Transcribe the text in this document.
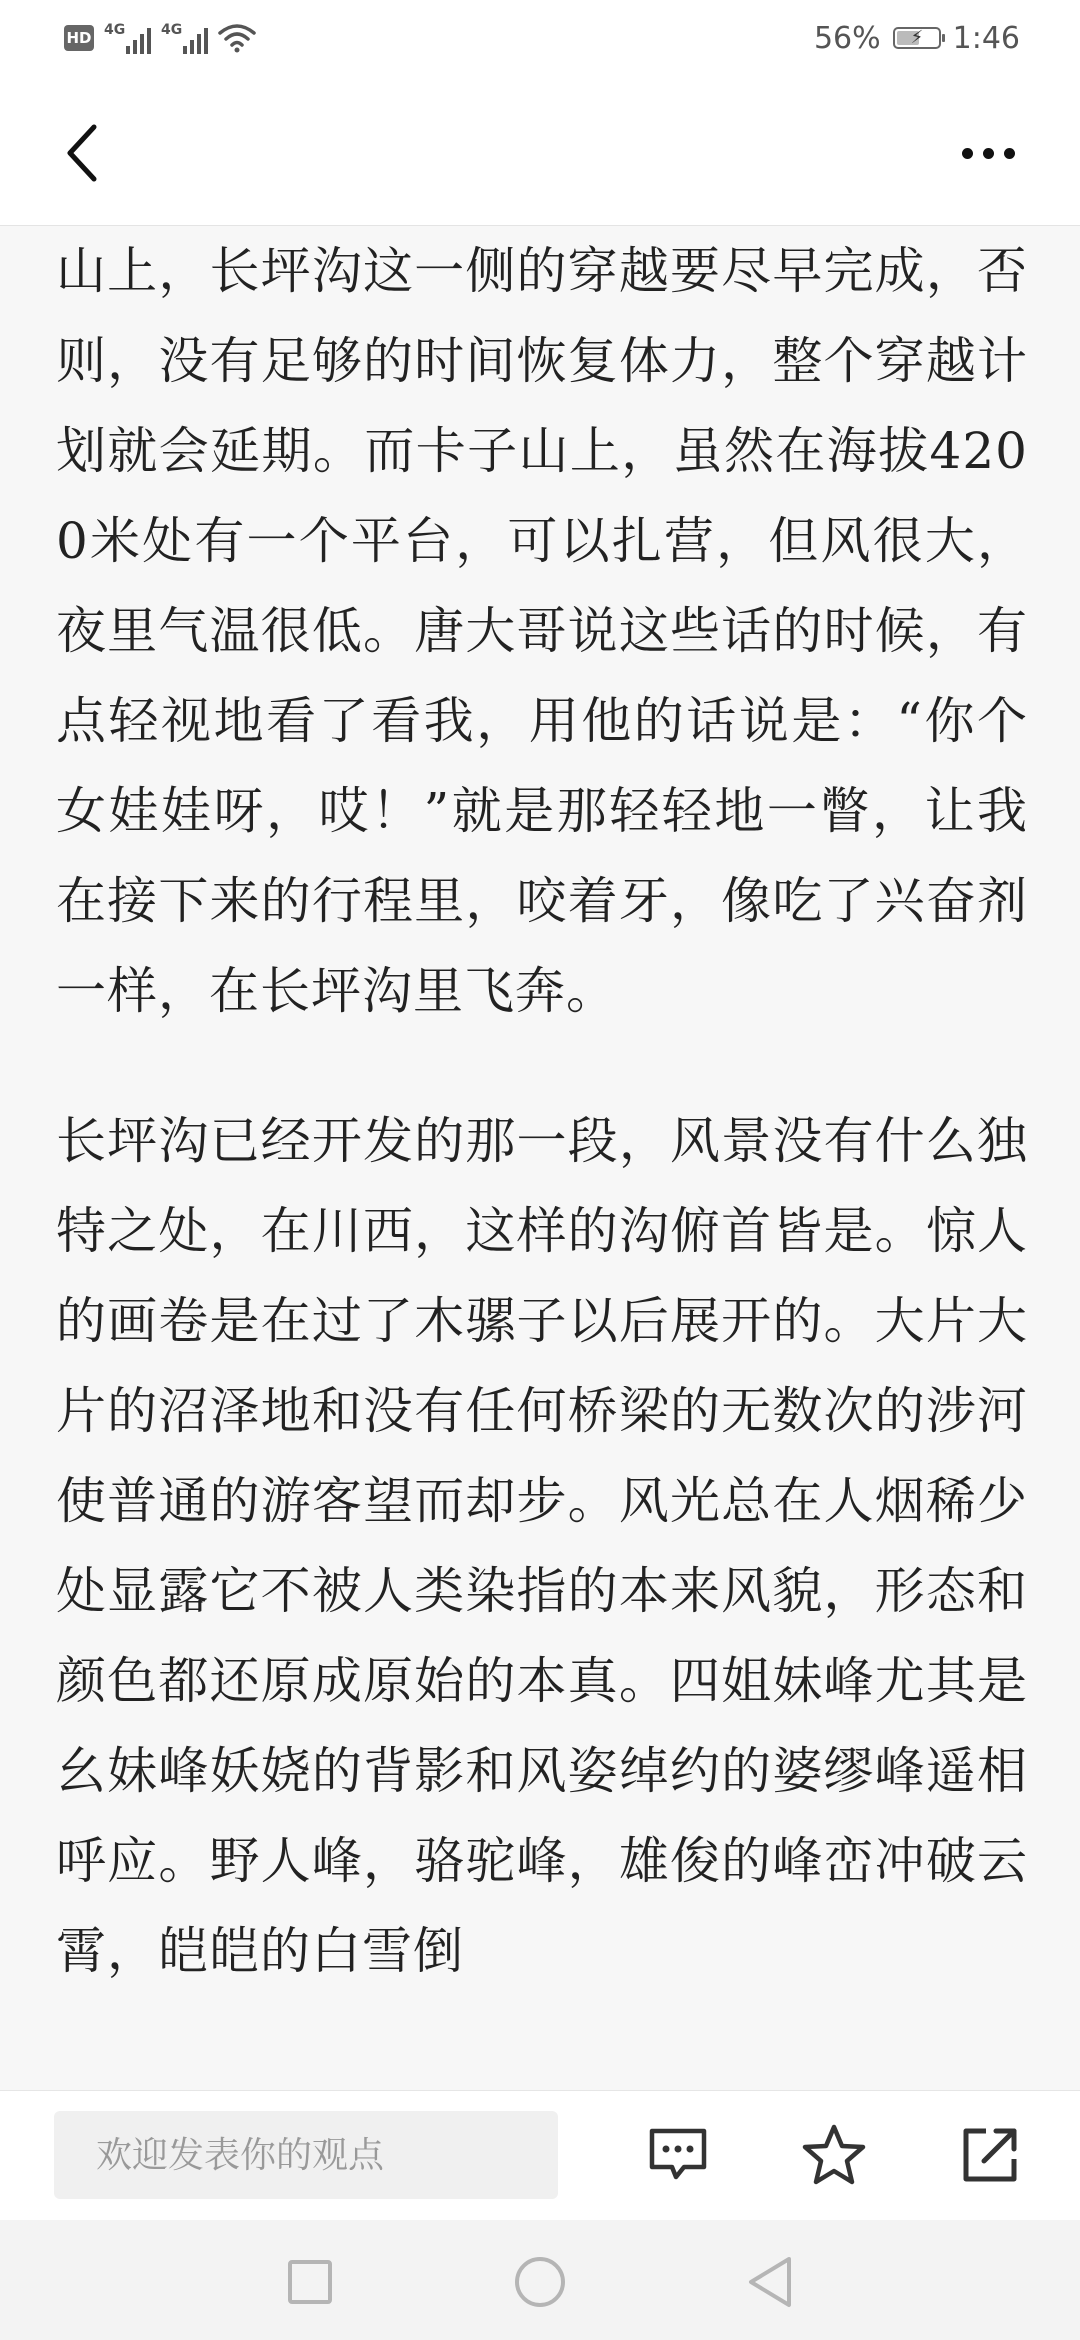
HD 4G	4G	56% ⚡ 1:46

山上，长坪沟这一侧的穿越要尽早完成，否则，没有足够的时间恢复体力，整个穿越计划就会延期。而卡子山上，虽然在海拔4200米处有一个平台，可以扎营，但风很大，夜里气温很低。唐大哥说这些话的时候，有点轻视地看了看我，用他的话说是：“你个女娃娃呀，哎！”就是那轻轻地一瞥，让我在接下来的行程里，咬着牙，像吃了兴奋剂一样，在长坪沟里飞奔。

长坪沟已经开发的那一段，风景没有什么独特之处，在川西，这样的沟俯首皆是。惊人的画卷是在过了木骡子以后展开的。大片大片的沼泽地和没有任何桥梁的无数次的涉河使普通的游客望而却步。风光总在人烟稀少处显露它不被人类染指的本来风貌，形态和颜色都还原成原始的本真。四姐妹峰尤其是幺妹峰妖娆的背影和风姿绰约的婆缪峰遥相呼应。野人峰，骆驼峰，雄俊的峰峦冲破云霄，皑皑的白雪倒

欢迎发表你的观点
